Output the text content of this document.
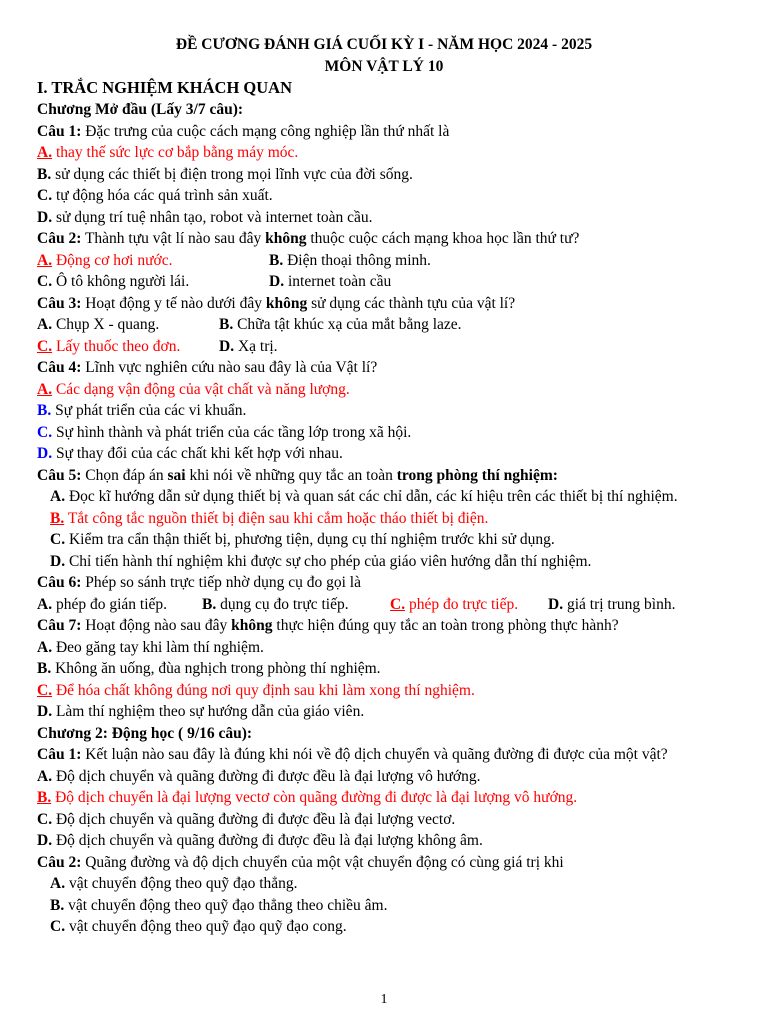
ĐỀ CƯƠNG ĐÁNH GIÁ CUỐI KỲ I - NĂM HỌC 2024 - 2025
MÔN VẬT LÝ 10
I. TRẮC NGHIỆM KHÁCH QUAN
Chương Mở đầu (Lấy 3/7 câu):
Câu 1: Đặc trưng của cuộc cách mạng công nghiệp lần thứ nhất là
A. thay thế sức lực cơ bắp bằng máy móc.
B. sử dụng các thiết bị điện trong mọi lĩnh vực của đời sống.
C. tự động hóa các quá trình sản xuất.
D. sử dụng trí tuệ nhân tạo, robot và internet toàn cầu.
Câu 2: Thành tựu vật lí nào sau đây không thuộc cuộc cách mạng khoa học lần thứ tư?
A. Động cơ hơi nước.	B. Điện thoại thông minh.
C. Ô tô không người lái.	D. internet toàn cầu
Câu 3: Hoạt động y tế nào dưới đây không sử dụng các thành tựu của vật lí?
A. Chụp X - quang.	B. Chữa tật khúc xạ của mắt bằng laze.
C. Lấy thuốc theo đơn. D. Xạ trị.
Câu 4: Lĩnh vực nghiên cứu nào sau đây là của Vật lí?
A. Các dạng vận động của vật chất và năng lượng.
B. Sự phát triển của các vi khuẩn.
C. Sự hình thành và phát triển của các tầng lớp trong xã hội.
D. Sự thay đổi của các chất khi kết hợp với nhau.
Câu 5: Chọn đáp án sai khi nói về những quy tắc an toàn trong phòng thí nghiệm:
A. Đọc kĩ hướng dẫn sử dụng thiết bị và quan sát các chỉ dẫn, các kí hiệu trên các thiết bị thí nghiệm.
B. Tắt công tắc nguồn thiết bị điện sau khi cắm hoặc tháo thiết bị điện.
C. Kiểm tra cẩn thận thiết bị, phương tiện, dụng cụ thí nghiệm trước khi sử dụng.
D. Chỉ tiến hành thí nghiệm khi được sự cho phép của giáo viên hướng dẫn thí nghiệm.
Câu 6: Phép so sánh trực tiếp nhờ dụng cụ đo gọi là
A. phép đo gián tiếp. B. dụng cụ đo trực tiếp.	C. phép đo trực tiếp. D. giá trị trung bình.
Câu 7: Hoạt động nào sau đây không thực hiện đúng quy tắc an toàn trong phòng thực hành?
A. Đeo găng tay khi làm thí nghiệm.
B. Không ăn uống, đùa nghịch trong phòng thí nghiệm.
C. Để hóa chất không đúng nơi quy định sau khi làm xong thí nghiệm.
D. Làm thí nghiệm theo sự hướng dẫn của giáo viên.
Chương 2: Động học ( 9/16 câu):
Câu 1: Kết luận nào sau đây là đúng khi nói về độ dịch chuyển và quãng đường đi được của một vật?
A. Độ dịch chuyển và quãng đường đi được đều là đại lượng vô hướng.
B. Độ dịch chuyển là đại lượng vectơ còn quãng đường đi được là đại lượng vô hướng.
C. Độ dịch chuyển và quãng đường đi được đều là đại lượng vectơ.
D. Độ dịch chuyển và quãng đường đi được đều là đại lượng không âm.
Câu 2: Quãng đường và độ dịch chuyển của một vật chuyển động có cùng giá trị khi
A. vật chuyển động theo quỹ đạo thẳng.
B. vật chuyển động theo quỹ đạo thẳng theo chiều âm.
C. vật chuyển động theo quỹ đạo quỹ đạo cong.
1
